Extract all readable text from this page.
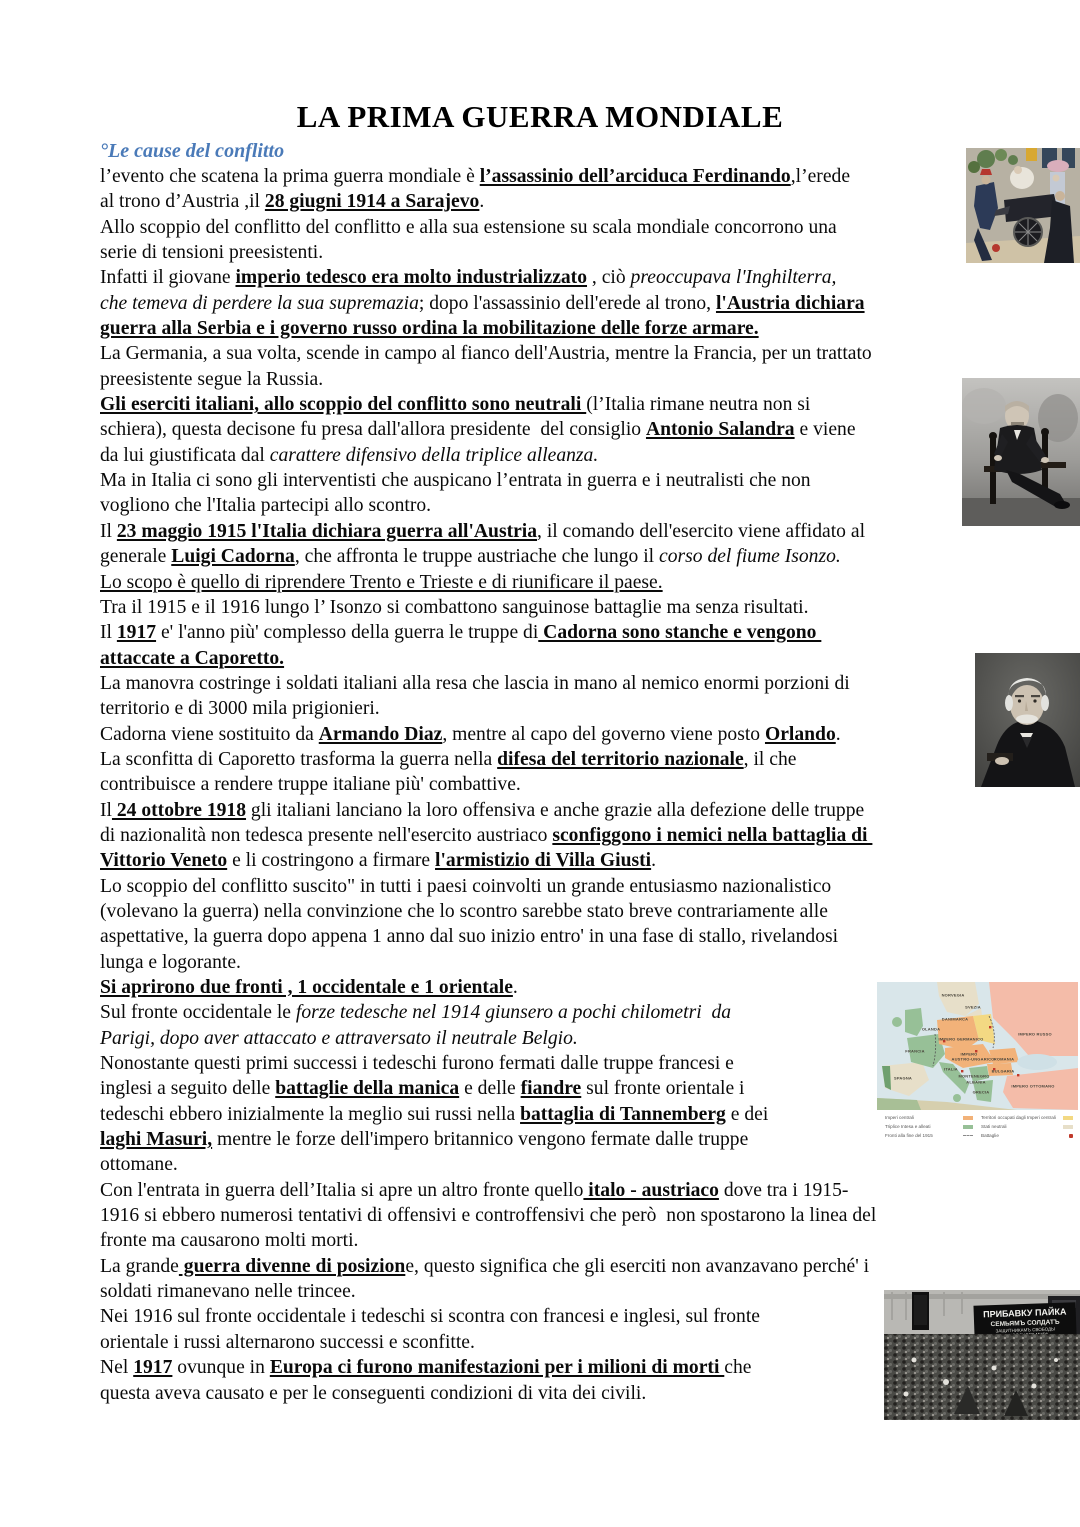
LA PRIMA GUERRA MONDIALE
°Le cause del conflitto
l’evento che scatena la prima guerra mondiale è l’assassinio dell’arciduca Ferdinando,l’erede
al trono d’Austria ,il 28 giugni 1914 a Sarajevo.
Allo scoppio del conflitto del conflitto e alla sua estensione su scala mondiale concorrono una
serie di tensioni preesistenti.
Infatti il giovane imperio tedesco era molto industrializzato , ciò preoccupava l'Inghilterra,
che temeva di perdere la sua supremazia; dopo l'assassinio dell'erede al trono, l'Austria dichiara
guerra alla Serbia e i governo russo ordina la mobilitazione delle forze armare.
La Germania, a sua volta, scende in campo al fianco dell'Austria, mentre la Francia, per un trattato
preesistente segue la Russia.
Gli eserciti italiani, allo scoppio del conflitto sono neutrali (l’Italia rimane neutra non si
schiera), questa decisone fu presa dall'allora presidente  del consiglio Antonio Salandra e viene
da lui giustificata dal carattere difensivo della triplice alleanza.
Ma in Italia ci sono gli interventisti che auspicano l’entrata in guerra e i neutralisti che non
vogliono che l'Italia partecipi allo scontro.
Il 23 maggio 1915 l'Italia dichiara guerra all'Austria, il comando dell'esercito viene affidato al
generale Luigi Cadorna, che affronta le truppe austriache che lungo il corso del fiume Isonzo.
Lo scopo è quello di riprendere Trento e Trieste e di riunificare il paese.
Tra il 1915 e il 1916 lungo l’ Isonzo si combattono sanguinose battaglie ma senza risultati.
Il 1917 e' l'anno più' complesso della guerra le truppe di Cadorna sono stanche e vengono
attaccate a Caporetto.
La manovra costringe i soldati italiani alla resa che lascia in mano al nemico enormi porzioni di
territorio e di 3000 mila prigionieri.
Cadorna viene sostituito da Armando Diaz, mentre al capo del governo viene posto Orlando.
La sconfitta di Caporetto trasforma la guerra nella difesa del territorio nazionale, il che
contribuisce a rendere truppe italiane più' combattive.
Il 24 ottobre 1918 gli italiani lanciano la loro offensiva e anche grazie alla defezione delle truppe
di nazionalità non tedesca presente nell'esercito austriaco sconfiggono i nemici nella battaglia di
Vittorio Veneto e li costringono a firmare l'armistizio di Villa Giusti.
Lo scoppio del conflitto suscito" in tutti i paesi coinvolti un grande entusiasmo nazionalistico
(volevano la guerra) nella convinzione che lo scontro sarebbe stato breve contrariamente alle
aspettative, la guerra dopo appena 1 anno dal suo inizio entro' in una fase di stallo, rivelandosi
lunga e logorante.
Si aprirono due fronti , 1 occidentale e 1 orientale.
Sul fronte occidentale le forze tedesche nel 1914 giunsero a pochi chilometri  da
Parigi, dopo aver attaccato e attraversato il neutrale Belgio.
Nonostante questi primi successi i tedeschi furono fermati dalle truppe francesi e
inglesi a seguito delle battaglie della manica e delle fiandre sul fronte orientale i
tedeschi ebbero inizialmente la meglio sui russi nella battaglia di Tannemberg e dei
laghi Masuri, mentre le forze dell'impero britannico vengono fermate dalle truppe
ottomane.
Con l'entrata in guerra dell’Italia si apre un altro fronte quello italo - austriaco dove tra i 1915-
1916 si ebbero numerosi tentativi di offensivi e controffensivi che però  non spostarono la linea del
fronte ma causarono molti morti.
La grande guerra divenne di posizione, questo significa che gli eserciti non avanzavano perché' i
soldati rimanevano nelle trincee.
Nei 1916 sul fronte occidentale i tedeschi si scontra con francesi e inglesi, sul fronte
orientale i russi alternarono successi e sconfitte.
Nel 1917 ovunque in Europa ci furono manifestazioni per i milioni di morti che
questa aveva causato e per le conseguenti condizioni di vita dei civili.
NORVEGIA
SVEZIA
DANIMARCA
OLANDA
IMPERO GERMANICO
IMPERO RUSSO
FRANCIA
IMPERO
AUSTRO-UNGARICO ROMANIA
ITALIA	BULGARIA
MONTENEGRO
ALBANIA
GRECIA
IMPERO OTTOMANO
SPAGNA
Imperi centrali
Triplice Intesa e alleati
Fronti alla fine del 1915
Territori occupati dagli Imperi centrali
Stati neutrali
Battaglie
ПРИБАВКУ ПАЙКА
СЕМЬЯМЪ СОЛДАТЪ
ЗАЩИТНИКАМЪ СВОБОДЫ
